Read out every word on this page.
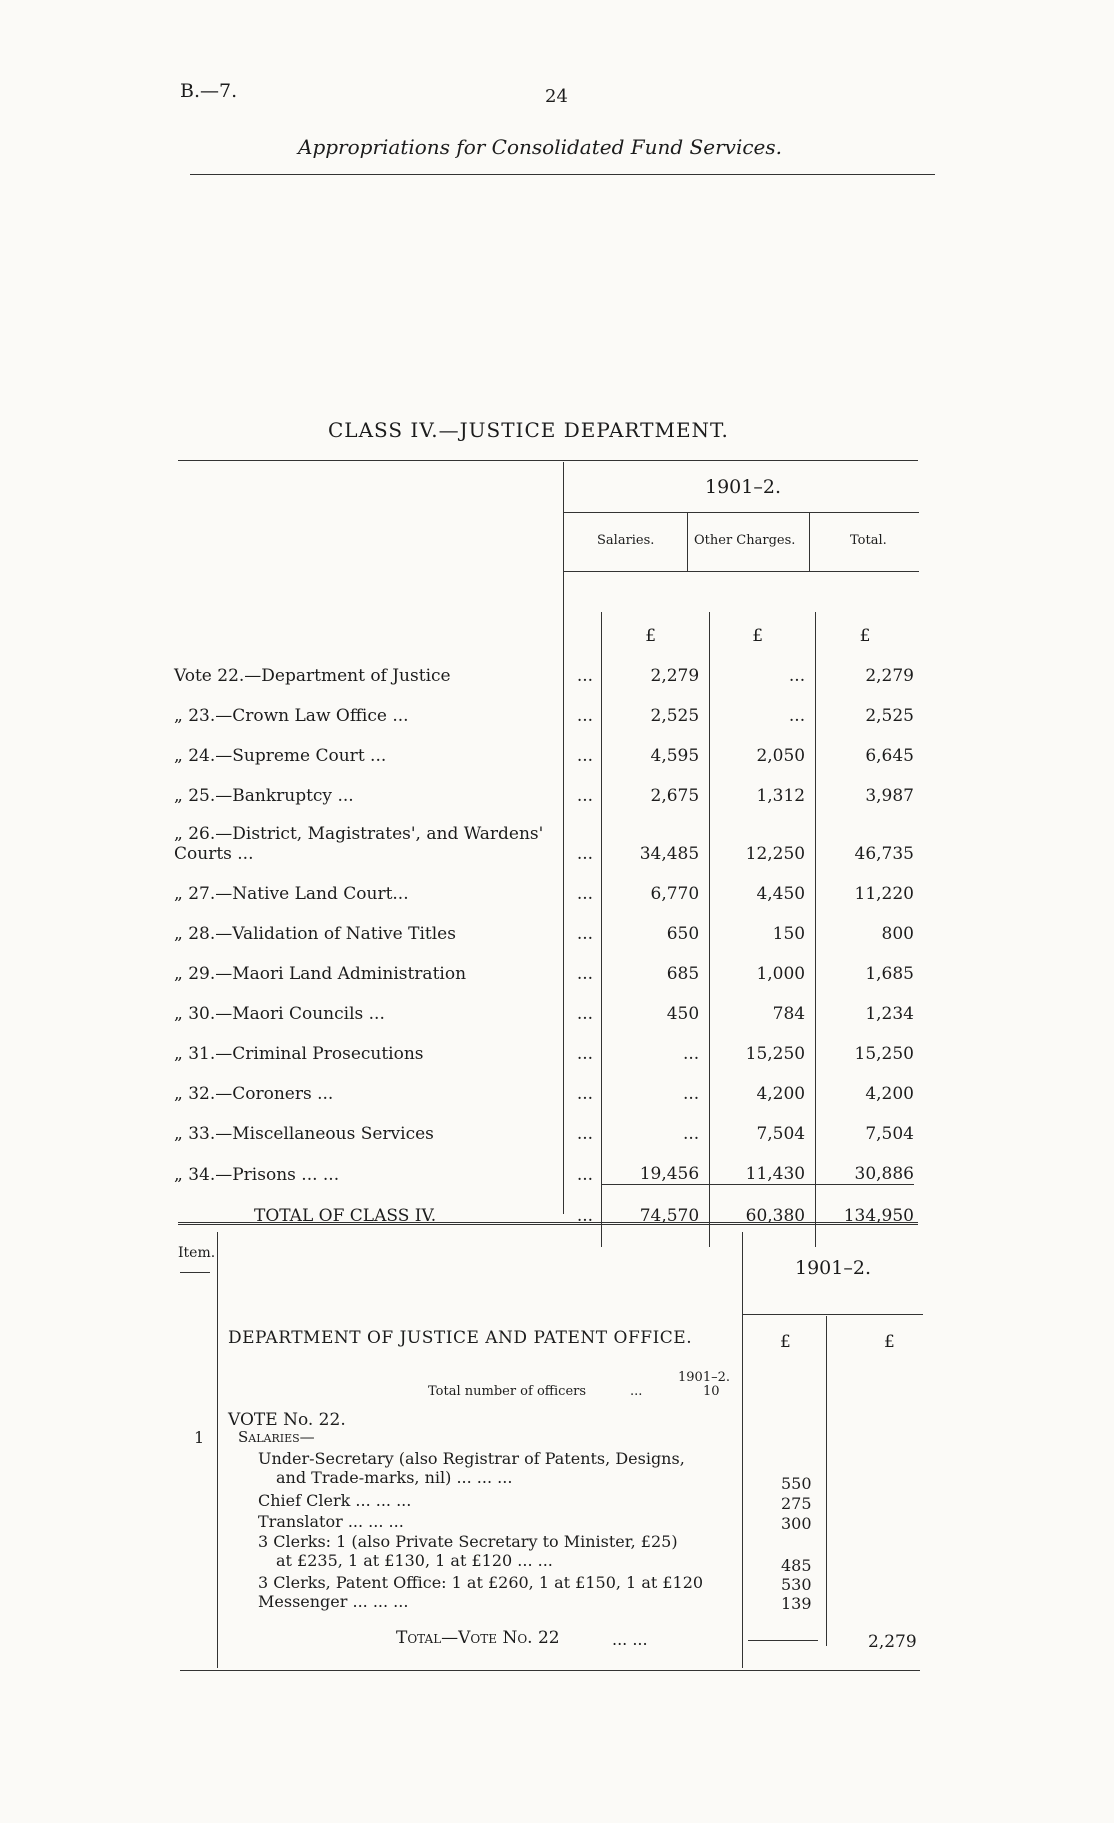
B.—7.	24
Appropriations for Consolidated Fund Services.
CLASS IV.—JUSTICE DEPARTMENT.
1901–2.
Salaries.	Other Charges.	Total.
		£	£	£
Vote 22.—Department of Justice	...	2,279	...	2,279
„ 23.—Crown Law Office ...	...	2,525	...	2,525
„ 24.—Supreme Court ...	...	4,595	2,050	6,645
„ 25.—Bankruptcy ...	...	2,675	1,312	3,987
„ 26.—District, Magistrates', and Wardens' Courts ...	...	34,485	12,250	46,735
„ 27.—Native Land Court...	...	6,770	4,450	11,220
„ 28.—Validation of Native Titles	...	650	150	800
„ 29.—Maori Land Administration	...	685	1,000	1,685
„ 30.—Maori Councils ...	...	450	784	1,234
„ 31.—Criminal Prosecutions	...	...	15,250	15,250
„ 32.—Coroners ...	...	...	4,200	4,200
„ 33.—Miscellaneous Services	...	...	7,504	7,504
„ 34.—Prisons ... ...	...	19,456	11,430	30,886
TOTAL OF CLASS IV.	...	74,570	60,380	134,950
Item.
1901–2.
DEPARTMENT OF JUSTICE AND PATENT OFFICE.	£	£
1901–2.
Total number of officers	...	10
VOTE No. 22.
1 Salaries—
Under-Secretary (also Registrar of Patents, Designs,
and Trade-marks, nil) ... ... ...	550
Chief Clerk ... ... ...	275
Translator ... ... ...	300
3 Clerks: 1 (also Private Secretary to Minister, £25)
at £235, 1 at £130, 1 at £120 ... ...	485
3 Clerks, Patent Office: 1 at £260, 1 at £150, 1 at £120	530
Messenger ... ... ...	139
Total—Vote No. 22	... ...	2,279
